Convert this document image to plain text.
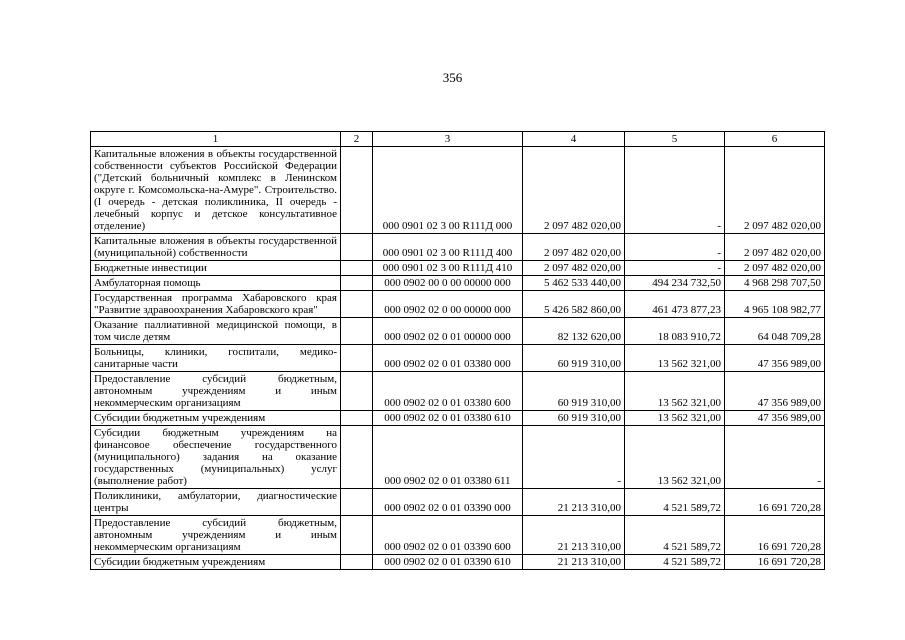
356
1	2	3	4	5	6
Капитальные вложения в объекты государственной собственности субъектов Российской Федерации ("Детский больничный комплекс в Ленинском округе г. Комсомольска-на-Амуре". Строительство. (I очередь - детская поликлиника, II очередь - лечебный корпус и детское консультативное отделение)		000 0901 02 3 00 R111Д 000	2 097 482 020,00	-	2 097 482 020,00
Капитальные вложения в объекты государственной (муниципальной) собственности		000 0901 02 3 00 R111Д 400	2 097 482 020,00	-	2 097 482 020,00
Бюджетные инвестиции		000 0901 02 3 00 R111Д 410	2 097 482 020,00	-	2 097 482 020,00
Амбулаторная помощь		000 0902 00 0 00 00000 000	5 462 533 440,00	494 234 732,50	4 968 298 707,50
Государственная программа Хабаровского края "Развитие здравоохранения Хабаровского края"		000 0902 02 0 00 00000 000	5 426 582 860,00	461 473 877,23	4 965 108 982,77
Оказание паллиативной медицинской помощи, в том числе детям		000 0902 02 0 01 00000 000	82 132 620,00	18 083 910,72	64 048 709,28
Больницы, клиники, госпитали, медико-санитарные части		000 0902 02 0 01 03380 000	60 919 310,00	13 562 321,00	47 356 989,00
Предоставление субсидий бюджетным, автономным учреждениям и иным некоммерческим организациям		000 0902 02 0 01 03380 600	60 919 310,00	13 562 321,00	47 356 989,00
Субсидии бюджетным учреждениям		000 0902 02 0 01 03380 610	60 919 310,00	13 562 321,00	47 356 989,00
Субсидии бюджетным учреждениям на финансовое обеспечение государственного (муниципального) задания на оказание государственных (муниципальных) услуг (выполнение работ)		000 0902 02 0 01 03380 611	-	13 562 321,00	-
Поликлиники, амбулатории, диагностические центры		000 0902 02 0 01 03390 000	21 213 310,00	4 521 589,72	16 691 720,28
Предоставление субсидий бюджетным, автономным учреждениям и иным некоммерческим организациям		000 0902 02 0 01 03390 600	21 213 310,00	4 521 589,72	16 691 720,28
Субсидии бюджетным учреждениям		000 0902 02 0 01 03390 610	21 213 310,00	4 521 589,72	16 691 720,28
